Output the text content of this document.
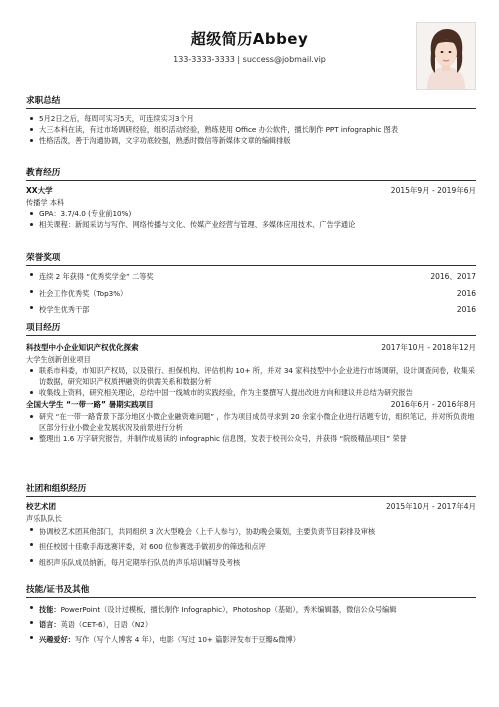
超级简历Abbey
133-3333-3333 | success@jobmail.vip
求职总结
5月2日之后，每周可实习5天，可连续实习3个月
大三本科在读，有过市场调研经验，组织活动经验，熟练使用 Office 办公软件，擅长制作 PPT infographic 图表
性格活泼，善于沟通协调，文字功底较强，熟悉时微信等新媒体文章的编辑排版
教育经历
XX大学	2015年9月 - 2019年6月
传播学 本科
GPA：3.7/4.0 (专业前10%)
相关课程：新闻采访与写作、网络传播与文化、传媒产业经营与管理、多媒体应用技术、广告学通论
荣誉奖项
连续 2 年获得 “优秀奖学金” 二等奖	2016、2017
社会工作优秀奖（Top3%）	2016
校学生优秀干部	2016
项目经历
科技型中小企业知识产权优化探索	2017年10月 - 2018年12月
大学生创新创业项目
联系市科委，市知识产权局，以及银行、担保机构、评估机构 10+ 所，并对 34 家科技型中小企业进行市场调研，设计调查问卷，收集采访数据，研究知识产权质押融资的供需关系和数据分析
收集线上资料，研究相关理论，总结中国一线城市的实践经验，作为主要撰写人提出改进方向和建议并总结为研究报告
全国大学生 “一带一路” 暑期实践项目	2016年6月 - 2016年8月
研究 “在一带一路背景下部分地区小微企业融资难问题” ，作为项目成员寻求到 20 余家小微企业进行话题专访，组织笔记，并对所负责地区部分行业小微企业发展状况及前景进行分析
整理出 1.6 万字研究报告，并制作成易读的 infographic 信息图，发表于校刊公众号，并获得 “院级精品项目” 荣誉
社团和组织经历
校艺术团	2015年10月 - 2017年4月
声乐队队长
协调校艺术团其他部门，共同组织 3 次大型晚会（上千人参与），协助晚会策划，主要负责节目彩排及审核
担任校园十佳歌手海选赛评委，对 600 位参赛选手做初步的筛选和点评
组织声乐队成员纳新，每月定期举行队员的声乐培训辅导及考核
技能/证书及其他
技能：PowerPoint（设计过模板，擅长制作 Infographic），Photoshop（基础），秀米编辑器，微信公众号编辑
语言：英语（CET-6），日语（N2）
兴趣爱好：写作（写个人博客 4 年），电影（写过 10+ 篇影评发布于豆瓣&微博）
